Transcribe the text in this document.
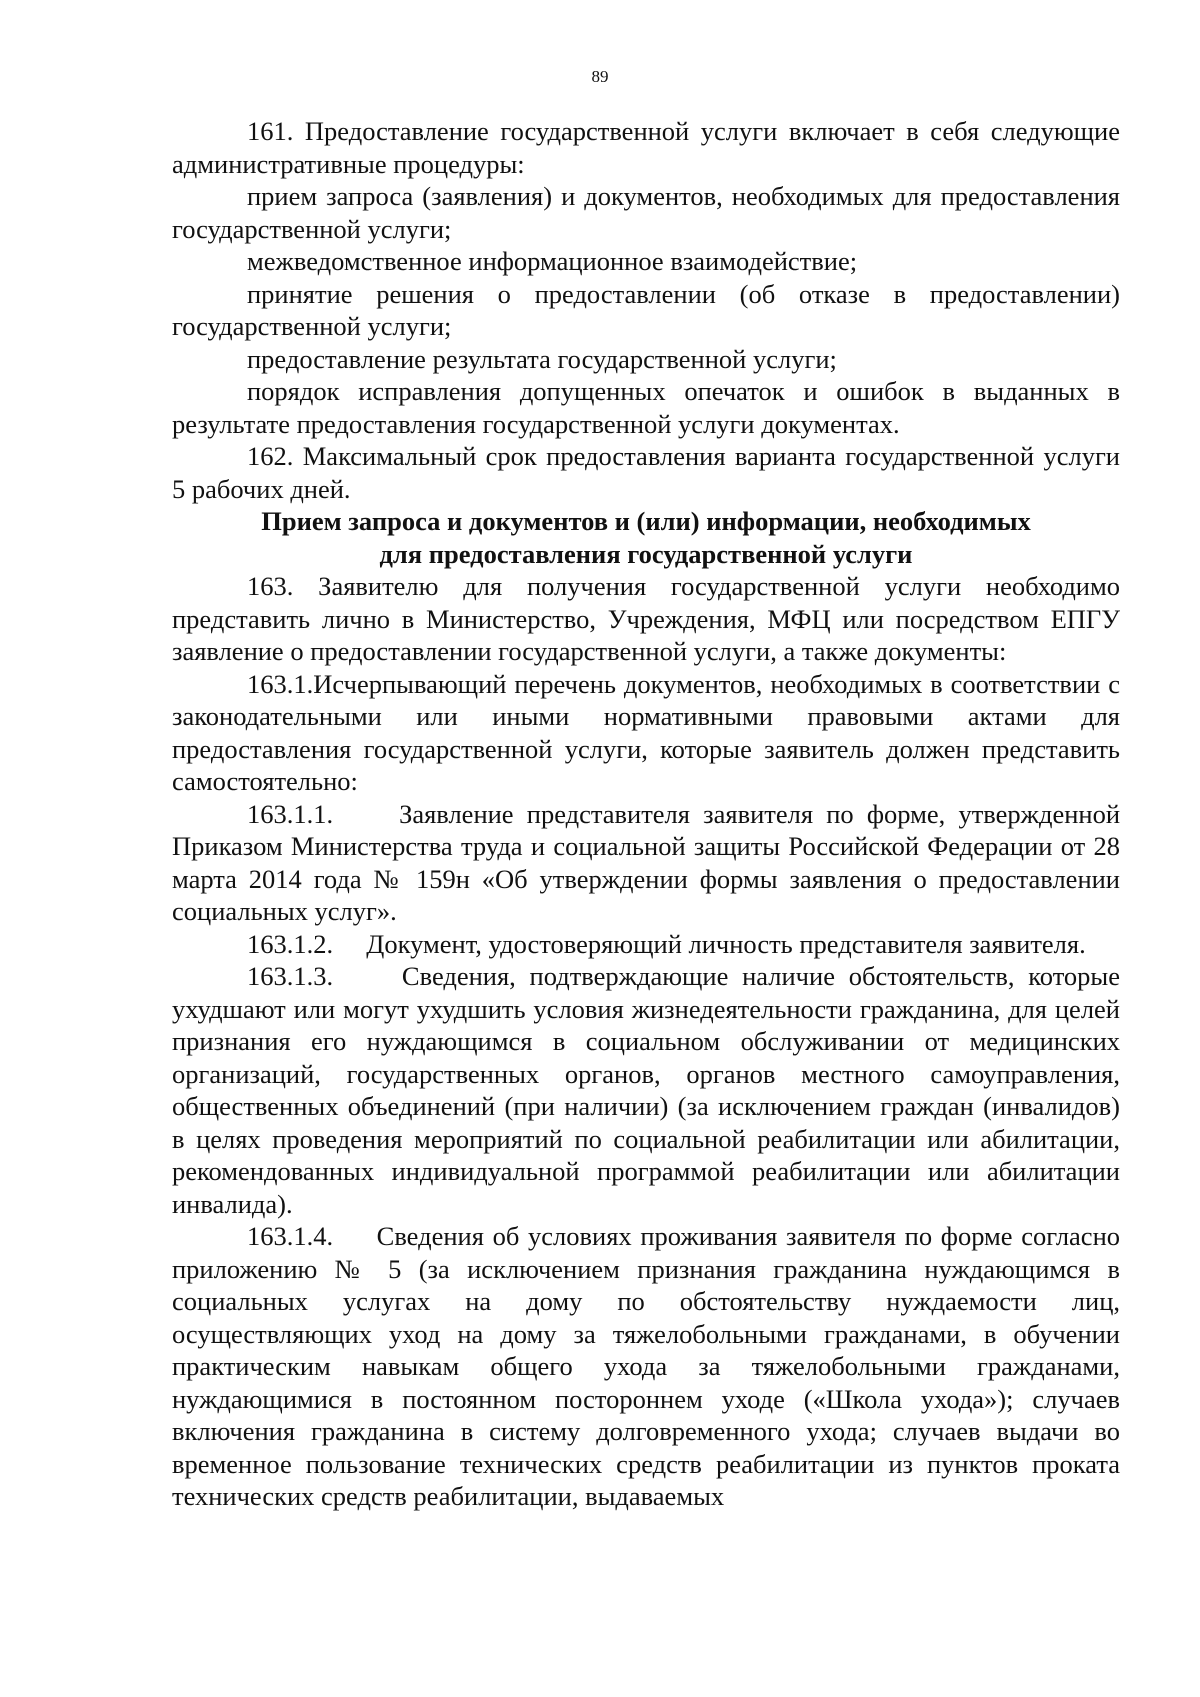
89

161. Предоставление государственной услуги включает в себя следующие административные процедуры:

прием запроса (заявления) и документов, необходимых для предоставления государственной услуги;

межведомственное информационное взаимодействие;

принятие решения о предоставлении (об отказе в предоставлении) государственной услуги;

предоставление результата государственной услуги;

порядок исправления допущенных опечаток и ошибок в выданных в результате предоставления государственной услуги документах.

162. Максимальный срок предоставления варианта государственной услуги 5 рабочих дней.

Прием запроса и документов и (или) информации, необходимых
для предоставления государственной услуги

163. Заявителю для получения государственной услуги необходимо представить лично в Министерство, Учреждения, МФЦ или посредством ЕПГУ заявление о предоставлении государственной услуги, а также документы:

163.1.Исчерпывающий перечень документов, необходимых в соответствии с законодательными или иными нормативными правовыми актами для предоставления государственной услуги, которые заявитель должен представить самостоятельно:

163.1.1.     Заявление представителя заявителя по форме, утвержденной Приказом Министерства труда и социальной защиты Российской Федерации от 28 марта 2014 года № 159н «Об утверждении формы заявления о предоставлении социальных услуг».

163.1.2.     Документ, удостоверяющий личность представителя заявителя.

163.1.3.     Сведения, подтверждающие наличие обстоятельств, которые ухудшают или могут ухудшить условия жизнедеятельности гражданина, для целей признания его нуждающимся в социальном обслуживании от медицинских организаций, государственных органов, органов местного самоуправления, общественных объединений (при наличии) (за исключением граждан (инвалидов) в целях проведения мероприятий по социальной реабилитации или абилитации, рекомендованных индивидуальной программой реабилитации или абилитации инвалида).

163.1.4.     Сведения об условиях проживания заявителя по форме согласно приложению № 5 (за исключением признания гражданина нуждающимся в социальных услугах на дому по обстоятельству нуждаемости лиц, осуществляющих уход на дому за тяжелобольными гражданами, в обучении практическим навыкам общего ухода за тяжелобольными гражданами, нуждающимися в постоянном постороннем уходе («Школа ухода»); случаев включения гражданина в систему долговременного ухода; случаев выдачи во временное пользование технических средств реабилитации из пунктов проката технических средств реабилитации, выдаваемых
